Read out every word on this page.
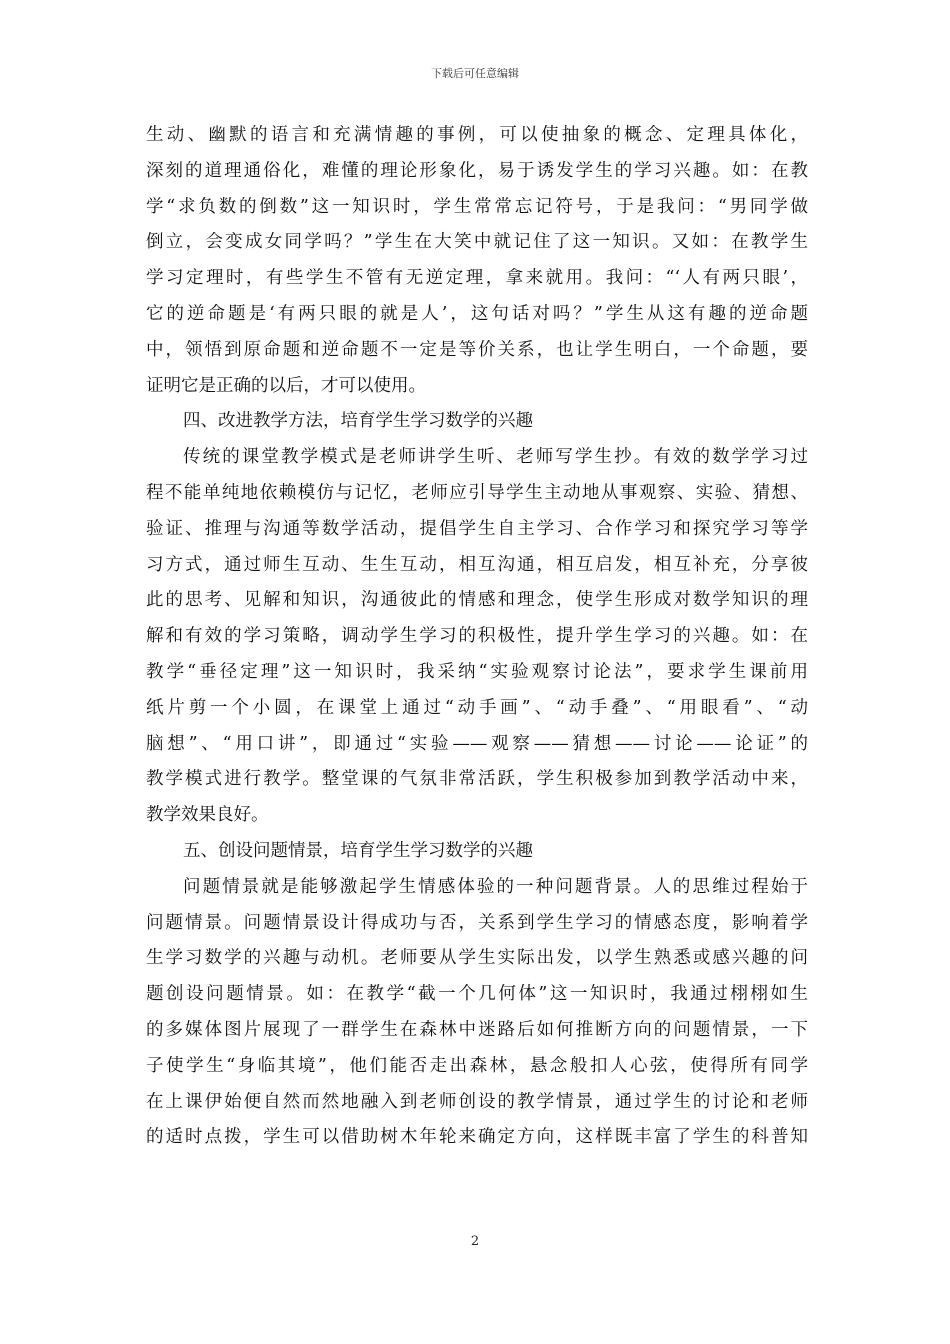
下载后可任意编辑
生动、幽默的语言和充满情趣的事例，可以使抽象的概念、定理具体化，
深刻的道理通俗化，难懂的理论形象化，易于诱发学生的学习兴趣。如：在教
学“求负数的倒数”这一知识时，学生常常忘记符号，于是我问：“男同学做
倒立，会变成女同学吗？”学生在大笑中就记住了这一知识。又如：在教学生
学习定理时，有些学生不管有无逆定理，拿来就用。我问：“‘人有两只眼’，
它的逆命题是‘有两只眼的就是人’，这句话对吗？”学生从这有趣的逆命题
中，领悟到原命题和逆命题不一定是等价关系，也让学生明白，一个命题，要
证明它是正确的以后，才可以使用。
四、改进教学方法，培育学生学习数学的兴趣
传统的课堂教学模式是老师讲学生听、老师写学生抄。有效的数学学习过
程不能单纯地依赖模仿与记忆，老师应引导学生主动地从事观察、实验、猜想、
验证、推理与沟通等数学活动，提倡学生自主学习、合作学习和探究学习等学
习方式，通过师生互动、生生互动，相互沟通，相互启发，相互补充，分享彼
此的思考、见解和知识，沟通彼此的情感和理念，使学生形成对数学知识的理
解和有效的学习策略，调动学生学习的积极性，提升学生学习的兴趣。如：在
教学“垂径定理”这一知识时，我采纳“实验观察讨论法”，要求学生课前用
纸片剪一个小圆，在课堂上通过“动手画”、“动手叠”、“用眼看”、“动
脑想”、“用口讲”，即通过“实验——观察——猜想——讨论——论证”的
教学模式进行教学。整堂课的气氛非常活跃，学生积极参加到教学活动中来，
教学效果良好。
五、创设问题情景，培育学生学习数学的兴趣
问题情景就是能够激起学生情感体验的一种问题背景。人的思维过程始于
问题情景。问题情景设计得成功与否，关系到学生学习的情感态度，影响着学
生学习数学的兴趣与动机。老师要从学生实际出发，以学生熟悉或感兴趣的问
题创设问题情景。如：在教学“截一个几何体”这一知识时，我通过栩栩如生
的多媒体图片展现了一群学生在森林中迷路后如何推断方向的问题情景，一下
子使学生“身临其境”，他们能否走出森林，悬念般扣人心弦，使得所有同学
在上课伊始便自然而然地融入到老师创设的教学情景，通过学生的讨论和老师
的适时点拨，学生可以借助树木年轮来确定方向，这样既丰富了学生的科普知
2
